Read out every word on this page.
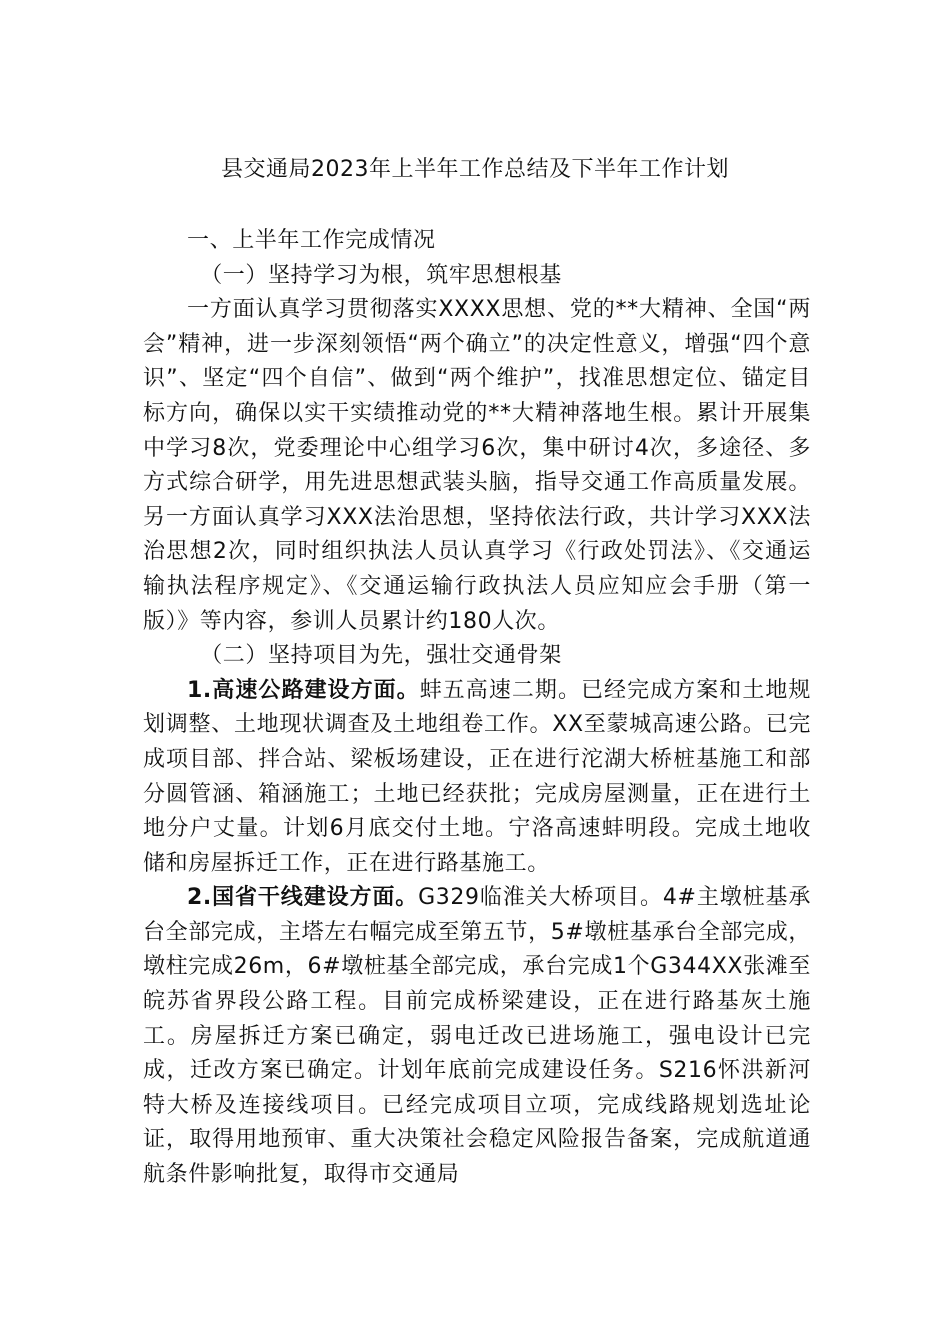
县交通局2023年上半年工作总结及下半年工作计划

一、上半年工作完成情况

（一）坚持学习为根，筑牢思想根基

一方面认真学习贯彻落实XXXX思想、党的**大精神、全国“两会”精神，进一步深刻领悟“两个确立”的决定性意义，增强“四个意识”、坚定“四个自信”、做到“两个维护”，找准思想定位、锚定目标方向，确保以实干实绩推动党的**大精神落地生根。累计开展集中学习8次，党委理论中心组学习6次，集中研讨4次，多途径、多方式综合研学，用先进思想武装头脑，指导交通工作高质量发展。另一方面认真学习XXX法治思想，坚持依法行政，共计学习XXX法治思想2次，同时组织执法人员认真学习《行政处罚法》、《交通运输执法程序规定》、《交通运输行政执法人员应知应会手册（第一版）》等内容，参训人员累计约180人次。

（二）坚持项目为先，强壮交通骨架

1.高速公路建设方面。蚌五高速二期。已经完成方案和土地规划调整、土地现状调查及土地组卷工作。XX至蒙城高速公路。已完成项目部、拌合站、梁板场建设，正在进行沱湖大桥桩基施工和部分圆管涵、箱涵施工；土地已经获批；完成房屋测量，正在进行土地分户丈量。计划6月底交付土地。宁洛高速蚌明段。完成土地收储和房屋拆迁工作，正在进行路基施工。

2.国省干线建设方面。G329临淮关大桥项目。4#主墩桩基承台全部完成，主塔左右幅完成至第五节，5#墩桩基承台全部完成，墩柱完成26m，6#墩桩基全部完成，承台完成1个G344XX张滩至皖苏省界段公路工程。目前完成桥梁建设，正在进行路基灰土施工。房屋拆迁方案已确定，弱电迁改已进场施工，强电设计已完成，迁改方案已确定。计划年底前完成建设任务。S216怀洪新河特大桥及连接线项目。已经完成项目立项，完成线路规划选址论证，取得用地预审、重大决策社会稳定风险报告备案，完成航道通航条件影响批复，取得市交通局
